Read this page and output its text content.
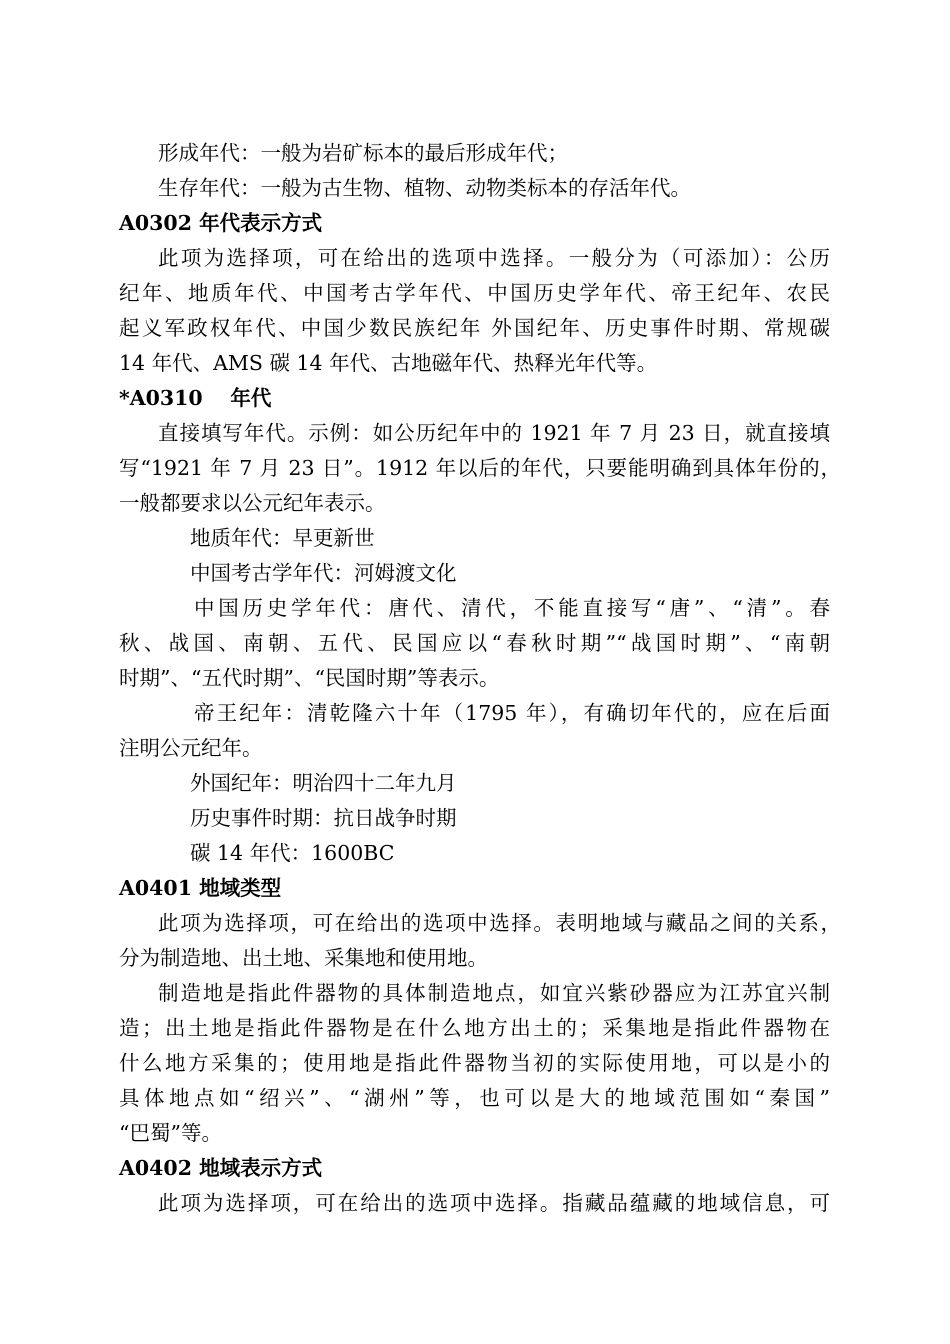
形成年代：一般为岩矿标本的最后形成年代；
生存年代：一般为古生物、植物、动物类标本的存活年代。
A0302 年代表示方式
此项为选择项，可在给出的选项中选择。一般分为（可添加）：公历
纪年、地质年代、中国考古学年代、中国历史学年代、帝王纪年、农民
起义军政权年代、中国少数民族纪年 外国纪年、历史事件时期、常规碳
14 年代、AMS 碳 14 年代、古地磁年代、热释光年代等。
*A0310　 年代
直接填写年代。示例：如公历纪年中的 1921 年 7 月 23 日，就直接填
写“1921 年 7 月 23 日”。1912 年以后的年代，只要能明确到具体年份的，
一般都要求以公元纪年表示。
地质年代：早更新世
中国考古学年代：河姆渡文化
中国历史学年代：唐代、清代，不能直接写“唐”、“清”。春
秋、战国、南朝、五代、民国应以“春秋时期”“战国时期”、“南朝
时期”、“五代时期”、“民国时期”等表示。
帝王纪年：清乾隆六十年（1795 年），有确切年代的，应在后面
注明公元纪年。
外国纪年：明治四十二年九月
历史事件时期：抗日战争时期
碳 14 年代：1600BC
A0401 地域类型
此项为选择项，可在给出的选项中选择。表明地域与藏品之间的关系，
分为制造地、出土地、采集地和使用地。
制造地是指此件器物的具体制造地点，如宜兴紫砂器应为江苏宜兴制
造；出土地是指此件器物是在什么地方出土的；采集地是指此件器物在
什么地方采集的；使用地是指此件器物当初的实际使用地，可以是小的
具体地点如“绍兴”、“湖州”等，也可以是大的地域范围如“秦国”
“巴蜀”等。
A0402 地域表示方式
此项为选择项，可在给出的选项中选择。指藏品蕴藏的地域信息，可
